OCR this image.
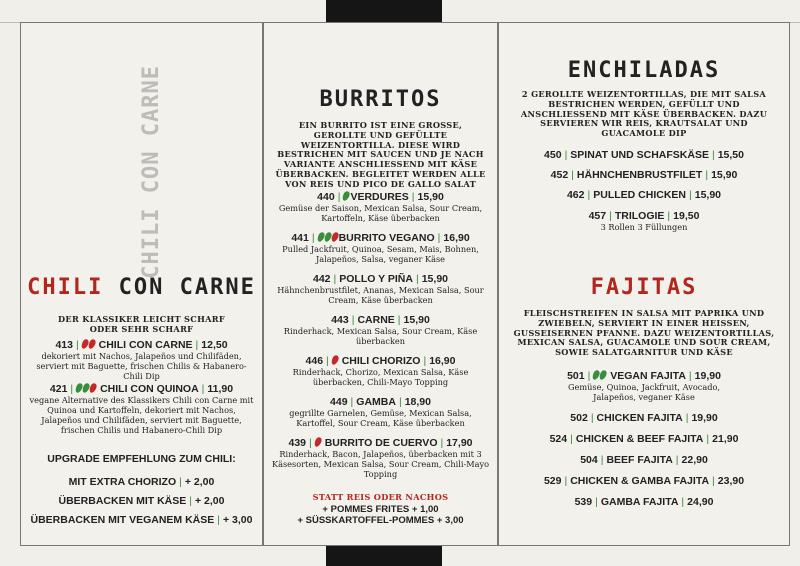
CHILI CON CARNE
CHILI CON CARNE
DER KLASSIKER LEICHT SCHARF ODER SEHR SCHARF
413 | CHILI CON CARNE | 12,50
dekoriert mit Nachos, Jalapeños und Chilifäden, serviert mit Baguette, frischen Chilis & Habanero-Chili Dip
421 |	CHILI CON QUINOA | 11,90
vegane Alternative des Klassikers Chili con Carne mit Quinoa und Kartoffeln, dekoriert mit Nachos, Jalapeños und Chilifäden, serviert mit Baguette, frischen Chilis und Habanero-Chili Dip
UPGRADE EMPFEHLUNG ZUM CHILI:
MIT EXTRA CHORIZO | + 2,00
ÜBERBACKEN MIT KÄSE | + 2,00
ÜBERBACKEN MIT VEGANEM KÄSE | + 3,00
BURRITOS
EIN BURRITO IST EINE GROSSE, GEROLLTE UND GEFÜLLTE WEIZENTORTILLA. DIESE WIRD BESTRICHEN MIT SAUCEN UND JE NACH VARIANTE ANSCHLIESSEND MIT KÄSE ÜBERBACKEN. BEGLEITET WERDEN ALLE VON REIS UND PICO DE GALLO SALAT
440 | VERDURES | 15,90
Gemüse der Saison, Mexican Salsa, Sour Cream, Kartoffeln, Käse überbacken
441 | BURRITO VEGANO | 16,90
Pulled Jackfruit, Quinoa, Sesam, Mais, Bohnen, Jalapeños, Salsa, veganer Käse
442 | POLLO Y PIÑA | 15,90
Hähnchenbrustfilet, Ananas, Mexican Salsa, Sour Cream, Käse überbacken
443 | CARNE | 15,90
Rinderhack, Mexican Salsa, Sour Cream, Käse überbacken
446 | CHILI CHORIZO | 16,90
Rinderhack, Chorizo, Mexican Salsa, Käse überbacken, Chili-Mayo Topping
449 | GAMBA | 18,90
gegrillte Garnelen, Gemüse, Mexican Salsa, Kartoffel, Sour Cream, Käse überbacken
439 | BURRITO DE CUERVO | 17,90
Rinderhack, Bacon, Jalapeños, überbacken mit 3 Käsesorten, Mexican Salsa, Sour Cream, Chili-Mayo Topping
STATT REIS ODER NACHOS
+ POMMES FRITES + 1,00
+ SÜSSKARTOFFEL-POMMES + 3,00
ENCHILADAS
2 GEROLLTE WEIZENTORTILLAS, DIE MIT SALSA BESTRICHEN WERDEN, GEFÜLLT UND ANSCHLIESSEND MIT KÄSE ÜBERBACKEN. DAZU SERVIEREN WIR REIS, KRAUTSALAT UND GUACAMOLE DIP
450 | SPINAT UND SCHAFSKÄSE | 15,50
452 | HÄHNCHENBRUSTFILET | 15,90
462 | PULLED CHICKEN | 15,90
457 | TRILOGIE | 19,50
3 Rollen 3 Füllungen
FAJITAS
FLEISCHSTREIFEN IN SALSA MIT PAPRIKA UND ZWIEBELN, SERVIERT IN EINER HEISSEN, GUSSEISERNEN PFANNE. DAZU WEIZENTORTILLAS, MEXICAN SALSA, GUACAMOLE UND SOUR CREAM, SOWIE SALATGARNITUR UND KÄSE
501 | VEGAN FAJITA | 19,90
Gemüse, Quinoa, Jackfruit, Avocado, Jalapeños, veganer Käse
502 | CHICKEN FAJITA | 19,90
524 | CHICKEN & BEEF FAJITA | 21,90
504 | BEEF FAJITA | 22,90
529 | CHICKEN & GAMBA FAJITA | 23,90
539 | GAMBA FAJITA | 24,90
